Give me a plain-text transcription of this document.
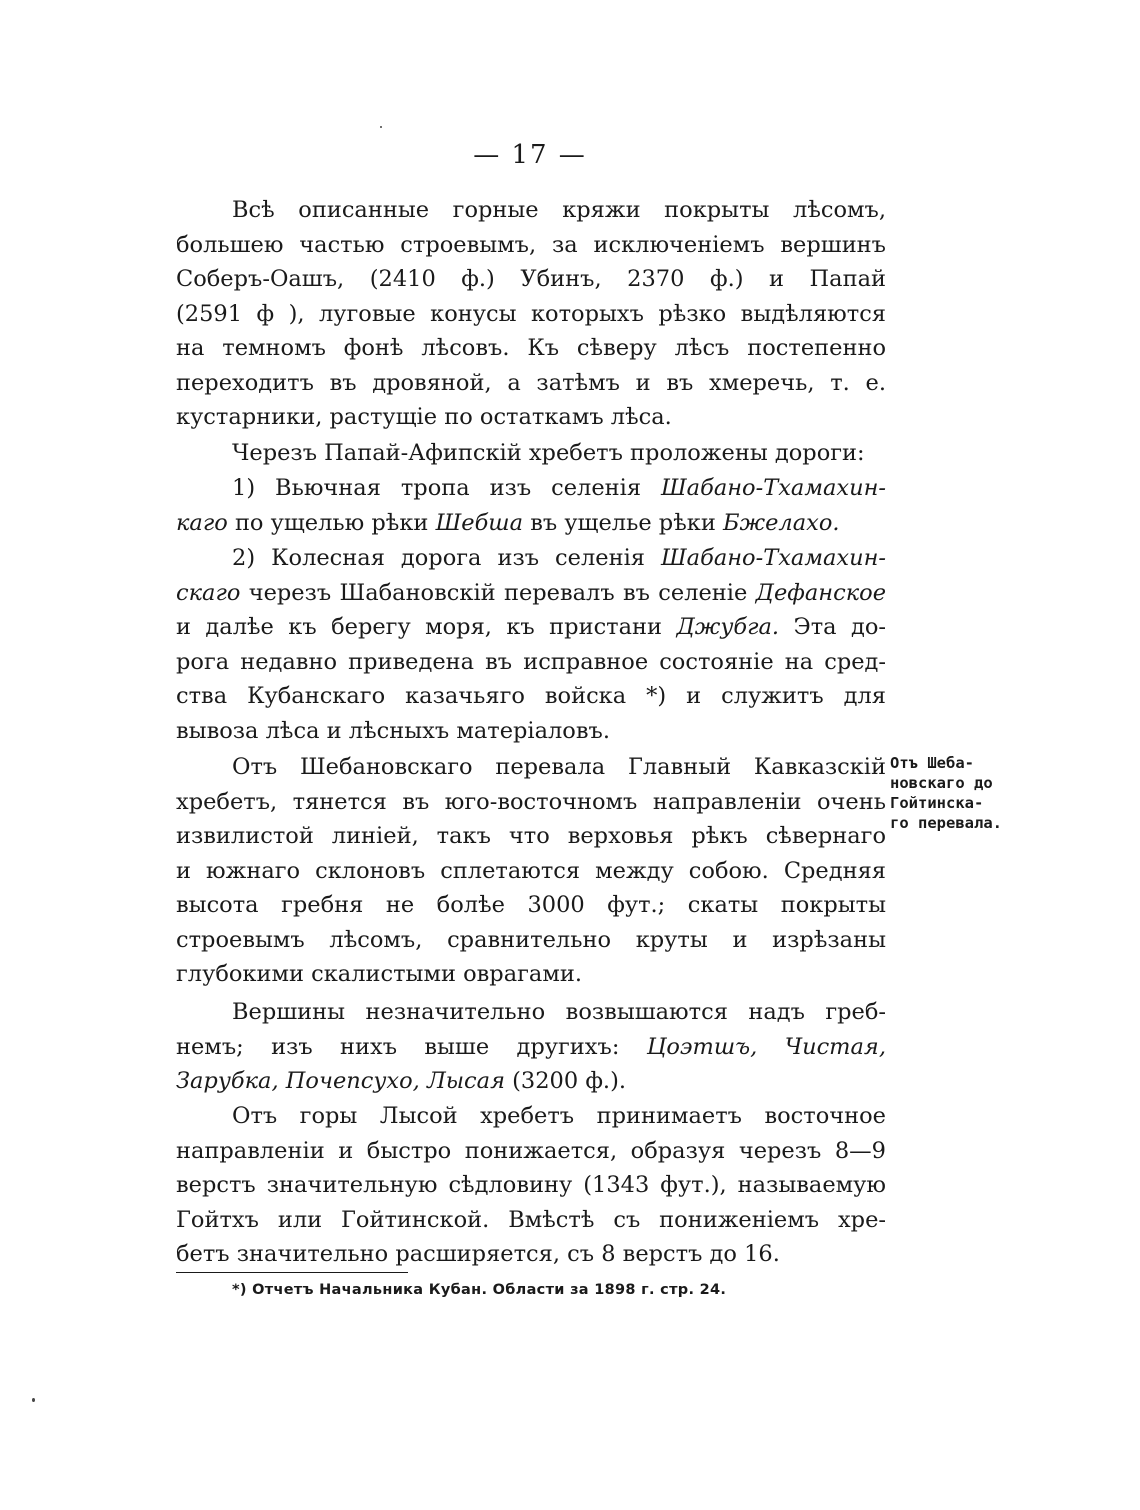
— 17 —
Всѣ описанные горные кряжи покрыты лѣсомъ,
большею частью строевымъ, за исключеніемъ вершинъ
Соберъ-Оашъ, (2410 ф.) Убинъ, 2370 ф.) и Папай
(2591 ф ), луговые конусы которыхъ рѣзко выдѣляются
на темномъ фонѣ лѣсовъ. Къ сѣверу лѣсъ постепенно
переходитъ въ дровяной, а затѣмъ и въ хмеречь, т. е.
кустарники, растущіе по остаткамъ лѣса.
Черезъ Папай-Афипскій хребетъ проложены дороги:
1) Вьючная тропа изъ селенія Шабано-Тхамахин-
каго по ущелью рѣки Шебша въ ущелье рѣки Бжелахо.
2) Колесная дорога изъ селенія Шабано-Тхамахин-
скаго черезъ Шабановскій перевалъ въ селеніе Дефанское
и далѣе къ берегу моря, къ пристани Джубга. Эта до-
рога недавно приведена въ исправное состояніе на сред-
ства Кубанскаго казачьяго войска *) и служитъ для
вывоза лѣса и лѣсныхъ матеріаловъ.
Отъ Шебановскаго перевала Главный Кавказскій
хребетъ, тянется въ юго-восточномъ направленіи очень
извилистой линіей, такъ что верховья рѣкъ сѣвернаго
и южнаго склоновъ сплетаются между собою. Средняя
высота гребня не болѣе 3000 фут.; скаты покрыты
строевымъ лѣсомъ, сравнительно круты и изрѣзаны
глубокими скалистыми оврагами.
Отъ Шеба-
новскаго до
Гойтинска-
го перевала.
Вершины незначительно возвышаются надъ греб-
немъ; изъ нихъ выше другихъ: Цоэтшъ, Чистая,
Зарубка, Почепсухо, Лысая (3200 ф.).
Отъ горы Лысой хребетъ принимаетъ восточное
направленіи и быстро понижается, образуя черезъ 8—9
верстъ значительную сѣдловину (1343 фут.), называемую
Гойтхъ или Гойтинской. Вмѣстѣ съ пониженіемъ хре-
бетъ значительно расширяется, съ 8 верстъ до 16.
*) Отчетъ Начальника Кубан. Области за 1898 г. стр. 24.
